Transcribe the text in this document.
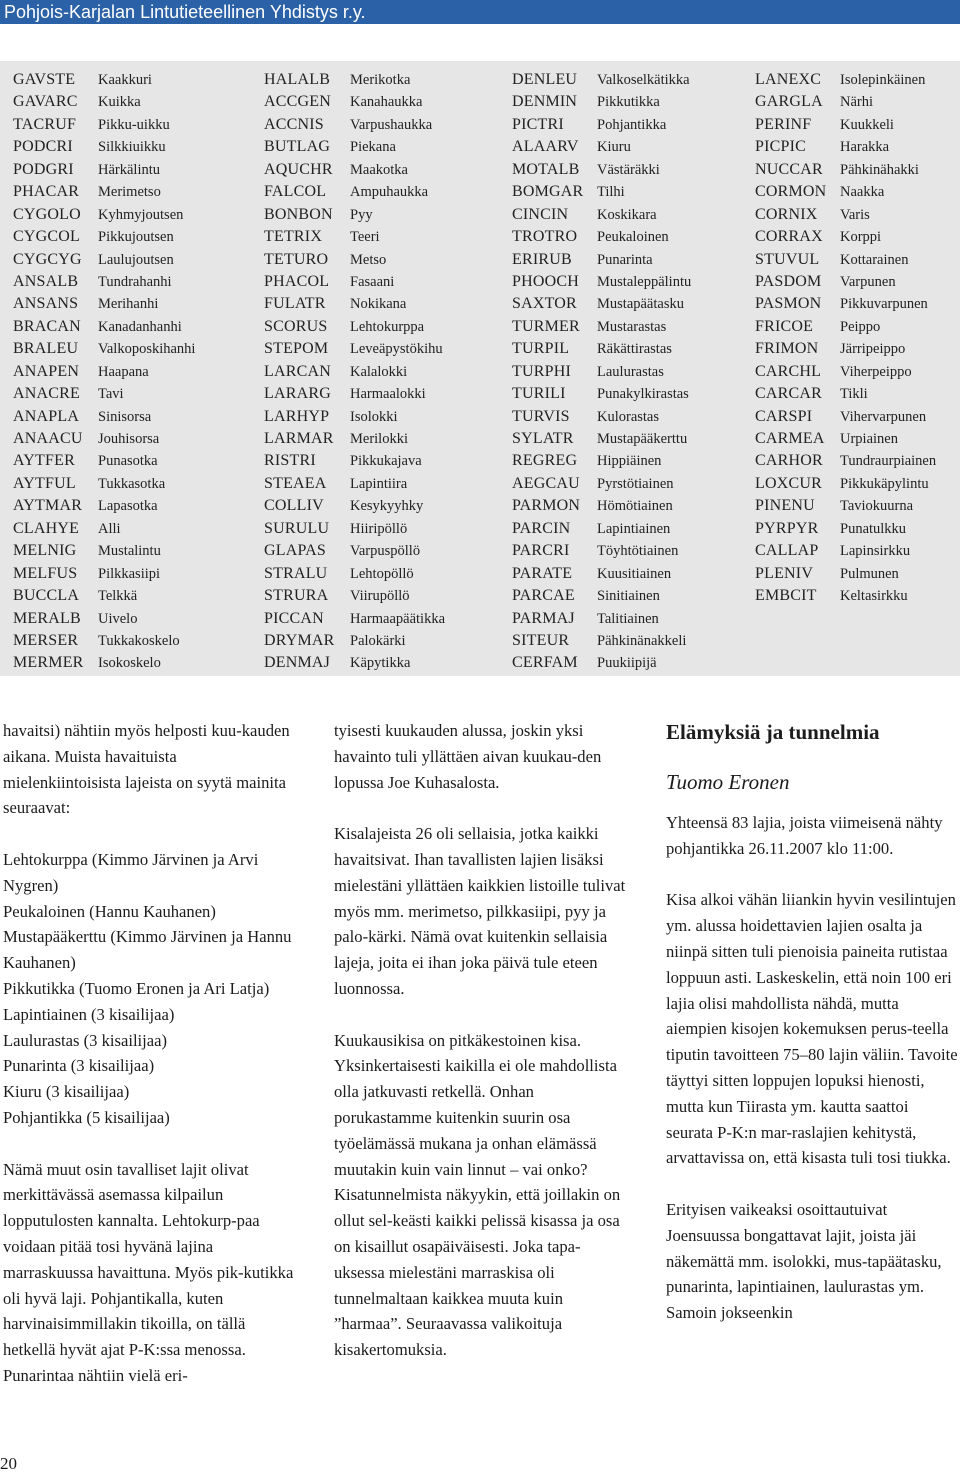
Pohjois-Karjalan Lintutieteellinen Yhdistys r.y.
GAVSTE
GAVARC
TACRUF
PODCRI
PODGRI
PHACAR
CYGOLO
CYGCOL
CYGCYG
ANSALB
ANSANS
BRACAN
BRALEU
ANAPEN
ANACRE
ANAPLA
ANAACU
AYTFER
AYTFUL
AYTMAR
CLAHYE
MELNIG
MELFUS
BUCCLA
MERALB
MERSER
MERMER
Kaakkuri
Kuikka
Pikku-uikku
Silkkiuikku
Härkälintu
Merimetso
Kyhmyjoutsen
Pikkujoutsen
Laulujoutsen
Tundrahanhi
Merihanhi
Kanadanhanhi
Valkoposkihanhi
Haapana
Tavi
Sinisorsa
Jouhisorsa
Punasotka
Tukkasotka
Lapasotka
Alli
Mustalintu
Pilkkasiipi
Telkkä
Uivelo
Tukkakoskelo
Isokoskelo
HALALB
ACCGEN
ACCNIS
BUTLAG
AQUCHR
FALCOL
BONBON
TETRIX
TETURO
PHACOL
FULATR
SCORUS
STEPOM
LARCAN
LARARG
LARHYP
LARMAR
RISTRI
STEAEA
COLLIV
SURULU
GLAPAS
STRALU
STRURA
PICCAN
DRYMAR
DENMAJ
Merikotka
Kanahaukka
Varpushaukka
Piekana
Maakotka
Ampuhaukka
Pyy
Teeri
Metso
Fasaani
Nokikana
Lehtokurppa
Leveäpystökihu
Kalalokki
Harmaalokki
Isolokki
Merilokki
Pikkukajava
Lapintiira
Kesykyyhky
Hiiripöllö
Varpuspöllö
Lehtopöllö
Viirupöllö
Harmaapäätikka
Palokärki
Käpytikka
DENLEU
DENMIN
PICTRI
ALAARV
MOTALB
BOMGAR
CINCIN
TROTRO
ERIRUB
PHOOCH
SAXTOR
TURMER
TURPIL
TURPHI
TURILI
TURVIS
SYLATR
REGREG
AEGCAU
PARMON
PARCIN
PARCRI
PARATE
PARCAE
PARMAJ
SITEUR
CERFAM
Valkoselkätikka
Pikkutikka
Pohjantikka
Kiuru
Västäräkki
Tilhi
Koskikara
Peukaloinen
Punarinta
Mustaleppälintu
Mustapäätasku
Mustarastas
Räkättirastas
Laulurastas
Punakylkirastas
Kulorastas
Mustapääkerttu
Hippiäinen
Pyrstötiainen
Hömötiainen
Lapintiainen
Töyhtötiainen
Kuusitiainen
Sinitiainen
Talitiainen
Pähkinänakkeli
Puukiipijä
LANEXC
GARGLA
PERINF
PICPIC
NUCCAR
CORMON
CORNIX
CORRAX
STUVUL
PASDOM
PASMON
FRICOE
FRIMON
CARCHL
CARCAR
CARSPI
CARMEA
CARHOR
LOXCUR
PINENU
PYRPYR
CALLAP
PLENIV
EMBCIT
Isolepinkäinen
Närhi
Kuukkeli
Harakka
Pähkinähakki
Naakka
Varis
Korppi
Kottarainen
Varpunen
Pikkuvarpunen
Peippo
Järripeippo
Viherpeippo
Tikli
Vihervarpunen
Urpiainen
Tundraurpiainen
Pikkukäpylintu
Taviokuurna
Punatulkku
Lapinsirkku
Pulmunen
Keltasirkku

havaitsi) nähtiin myös helposti kuu-kauden aikana. Muista havaituista mielenkiintoisista lajeista on syytä mainita seuraavat:

Lehtokurppa (Kimmo Järvinen ja Arvi Nygren)

Peukaloinen (Hannu Kauhanen)

Mustapääkerttu (Kimmo Järvinen ja Hannu Kauhanen)

Pikkutikka (Tuomo Eronen ja Ari Latja)

Lapintiainen (3 kisailijaa)

Laulurastas (3 kisailijaa)

Punarinta (3 kisailijaa)

Kiuru (3 kisailijaa)

Pohjantikka (5 kisailijaa)

Nämä muut osin tavalliset lajit olivat merkittävässä asemassa kilpailun lopputulosten kannalta. Lehtokurp-paa voidaan pitää tosi hyvänä lajina marraskuussa havaittuna. Myös pik-kutikka oli hyvä laji. Pohjantikalla, kuten harvinaisimmillakin tikoilla, on tällä hetkellä hyvät ajat P-K:ssa menossa. Punarintaa nähtiin vielä eri-

tyisesti kuukauden alussa, joskin yksi havainto tuli yllättäen aivan kuukau-den lopussa Joe Kuhasalosta.

Kisalajeista 26 oli sellaisia, jotka kaikki havaitsivat. Ihan tavallisten lajien lisäksi mielestäni yllättäen kaikkien listoille tulivat myös mm. merimetso, pilkkasiipi, pyy ja palo-kärki. Nämä ovat kuitenkin sellaisia lajeja, joita ei ihan joka päivä tule eteen luonnossa.

Kuukausikisa on pitkäkestoinen kisa. Yksinkertaisesti kaikilla ei ole mahdollista olla jatkuvasti retkellä. Onhan porukastamme kuitenkin suurin osa työelämässä mukana ja onhan elämässä muutakin kuin vain linnut – vai onko? Kisatunnelmista näkyykin, että joillakin on ollut sel-keästi kaikki pelissä kisassa ja osa on kisaillut osapäiväisesti. Joka tapa-uksessa mielestäni marraskisa oli tunnelmaltaan kaikkea muuta kuin ”harmaa”. Seuraavassa valikoituja kisakertomuksia.

Elämyksiä ja tunnelmia
Tuomo Eronen

Yhteensä 83 lajia, joista viimeisenä nähty pohjantikka 26.11.2007 klo 11:00.

Kisa alkoi vähän liiankin hyvin vesilintujen ym. alussa hoidettavien lajien osalta ja niinpä sitten tuli pienoisia paineita rutistaa loppuun asti. Laskeskelin, että noin 100 eri lajia olisi mahdollista nähdä, mutta aiempien kisojen kokemuksen perus-teella tiputin tavoitteen 75–80 lajin väliin. Tavoite täyttyi sitten loppujen lopuksi hienosti, mutta kun Tiirasta ym. kautta saattoi seurata P-K:n mar-raslajien kehitystä, arvattavissa on, että kisasta tuli tosi tiukka.

Erityisen vaikeaksi osoittautuivat Joensuussa bongattavat lajit, joista jäi näkemättä mm. isolokki, mus-tapäätasku, punarinta, lapintiainen, laulurastas ym. Samoin jokseenkin

20
